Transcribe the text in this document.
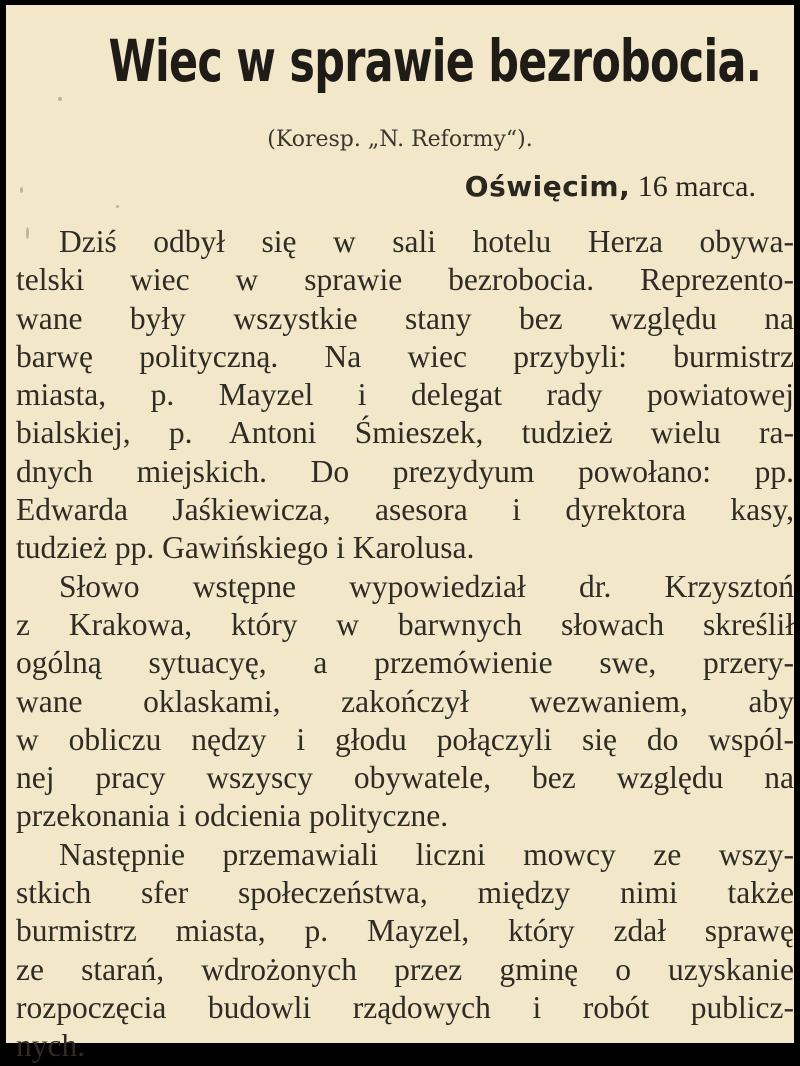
Wiec w sprawie bezrobocia.
(Koresp. „N. Reformy“).
Oświęcim, 16 marca.
Dziś odbył się w sali hotelu Herza obywa-
telski wiec w sprawie bezrobocia. Reprezento-
wane były wszystkie stany bez względu na
barwę polityczną. Na wiec przybyli: burmistrz
miasta, p. Mayzel i delegat rady powiatowej
bialskiej, p. Antoni Śmieszek, tudzież wielu ra-
dnych miejskich. Do prezydyum powołano: pp.
Edwarda Jaśkiewicza, asesora i dyrektora kasy,
tudzież pp. Gawińskiego i Karolusa.
Słowo wstępne wypowiedział dr. Krzysztoń
z Krakowa, który w barwnych słowach skreślił
ogólną sytuacyę, a przemówienie swe, przery-
wane oklaskami, zakończył wezwaniem, aby
w obliczu nędzy i głodu połączyli się do wspól-
nej pracy wszyscy obywatele, bez względu na
przekonania i odcienia polityczne.
Następnie przemawiali liczni mowcy ze wszy-
stkich sfer społeczeństwa, między nimi także
burmistrz miasta, p. Mayzel, który zdał sprawę
ze starań, wdrożonych przez gminę o uzyskanie
rozpoczęcia budowli rządowych i robót publicz-
nych.
